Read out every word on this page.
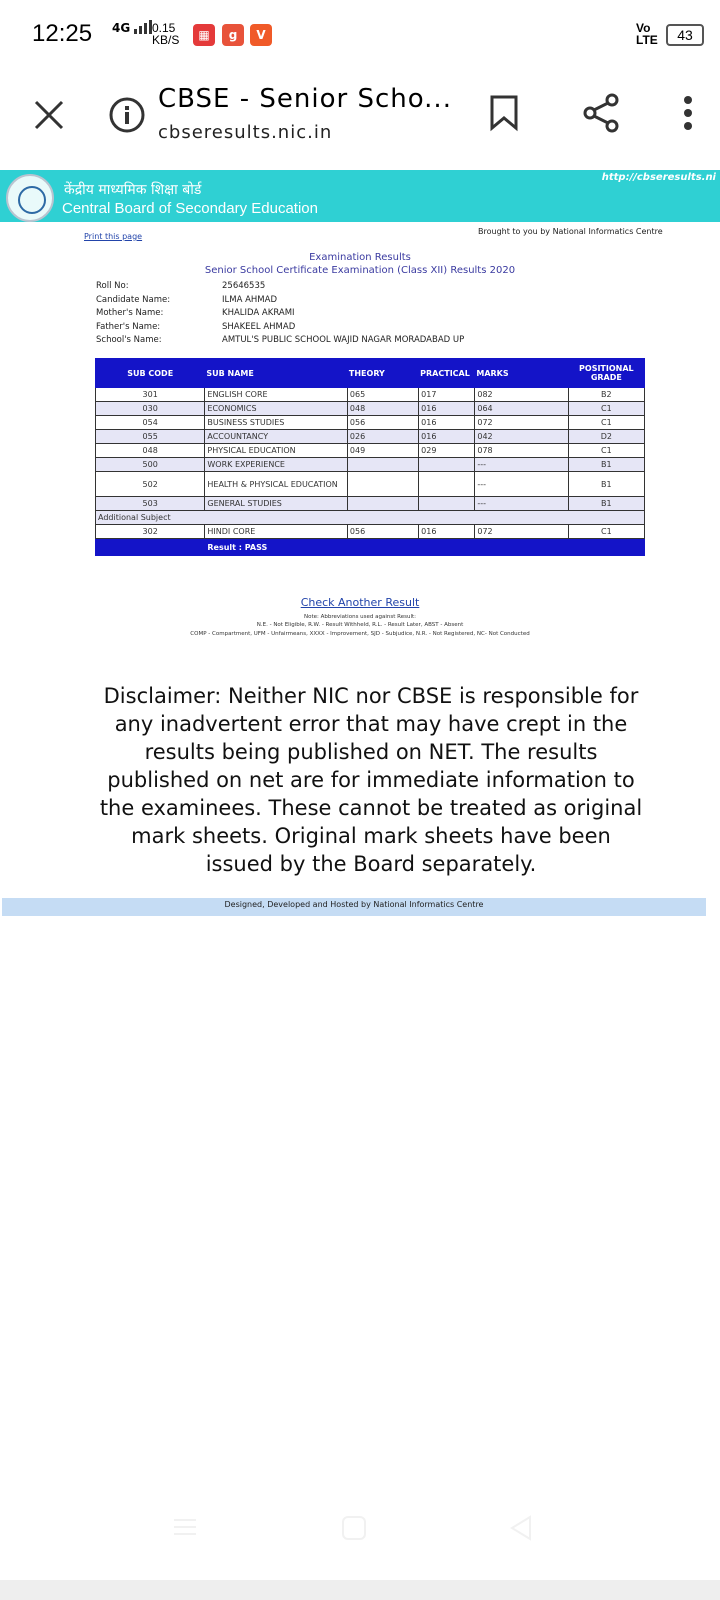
12:25 4G	0.15
KB/S	▦	g	V	Vo
LTE	43
CBSE - Senior Scho...
cbseresults.nic.in
केंद्रीय माध्यमिक शिक्षा बोर्ड
Central Board of Secondary Education
http://cbseresults.ni
Print this page
Brought to you by National Informatics Centre
Examination Results
Senior School Certificate Examination (Class XII) Results 2020
Roll No:	25646535
Candidate Name:	ILMA AHMAD
Mother's Name:	KHALIDA AKRAMI
Father's Name:	SHAKEEL AHMAD
School's Name:	AMTUL'S PUBLIC SCHOOL WAJID NAGAR MORADABAD UP
SUB CODE	SUB NAME	THEORY	PRACTICAL	MARKS	POSITIONAL GRADE
301	ENGLISH CORE	065	017	082	B2
030	ECONOMICS	048	016	064	C1
054	BUSINESS STUDIES	056	016	072	C1
055	ACCOUNTANCY	026	016	042	D2
048	PHYSICAL EDUCATION	049	029	078	C1
500	WORK EXPERIENCE			---	B1
502	HEALTH & PHYSICAL EDUCATION			---	B1
503	GENERAL STUDIES			---	B1
Additional Subject					
302	HINDI CORE	056	016	072	C1
	Result : PASS				
Check Another Result
Note: Abbreviations used against Result:
N.E. - Not Eligible, R.W. - Result Withheld, R.L. - Result Later, ABST - Absent
COMP - Compartment, UFM - Unfairmeans, XXXX - Improvement, SJD - Subjudice, N.R. - Not Registered, NC- Not Conducted
Disclaimer: Neither NIC nor CBSE is responsible for any inadvertent error that may have crept in the results being published on NET. The results published on net are for immediate information to the examinees. These cannot be treated as original mark sheets. Original mark sheets have been issued by the Board separately.
Designed, Developed and Hosted by National Informatics Centre
